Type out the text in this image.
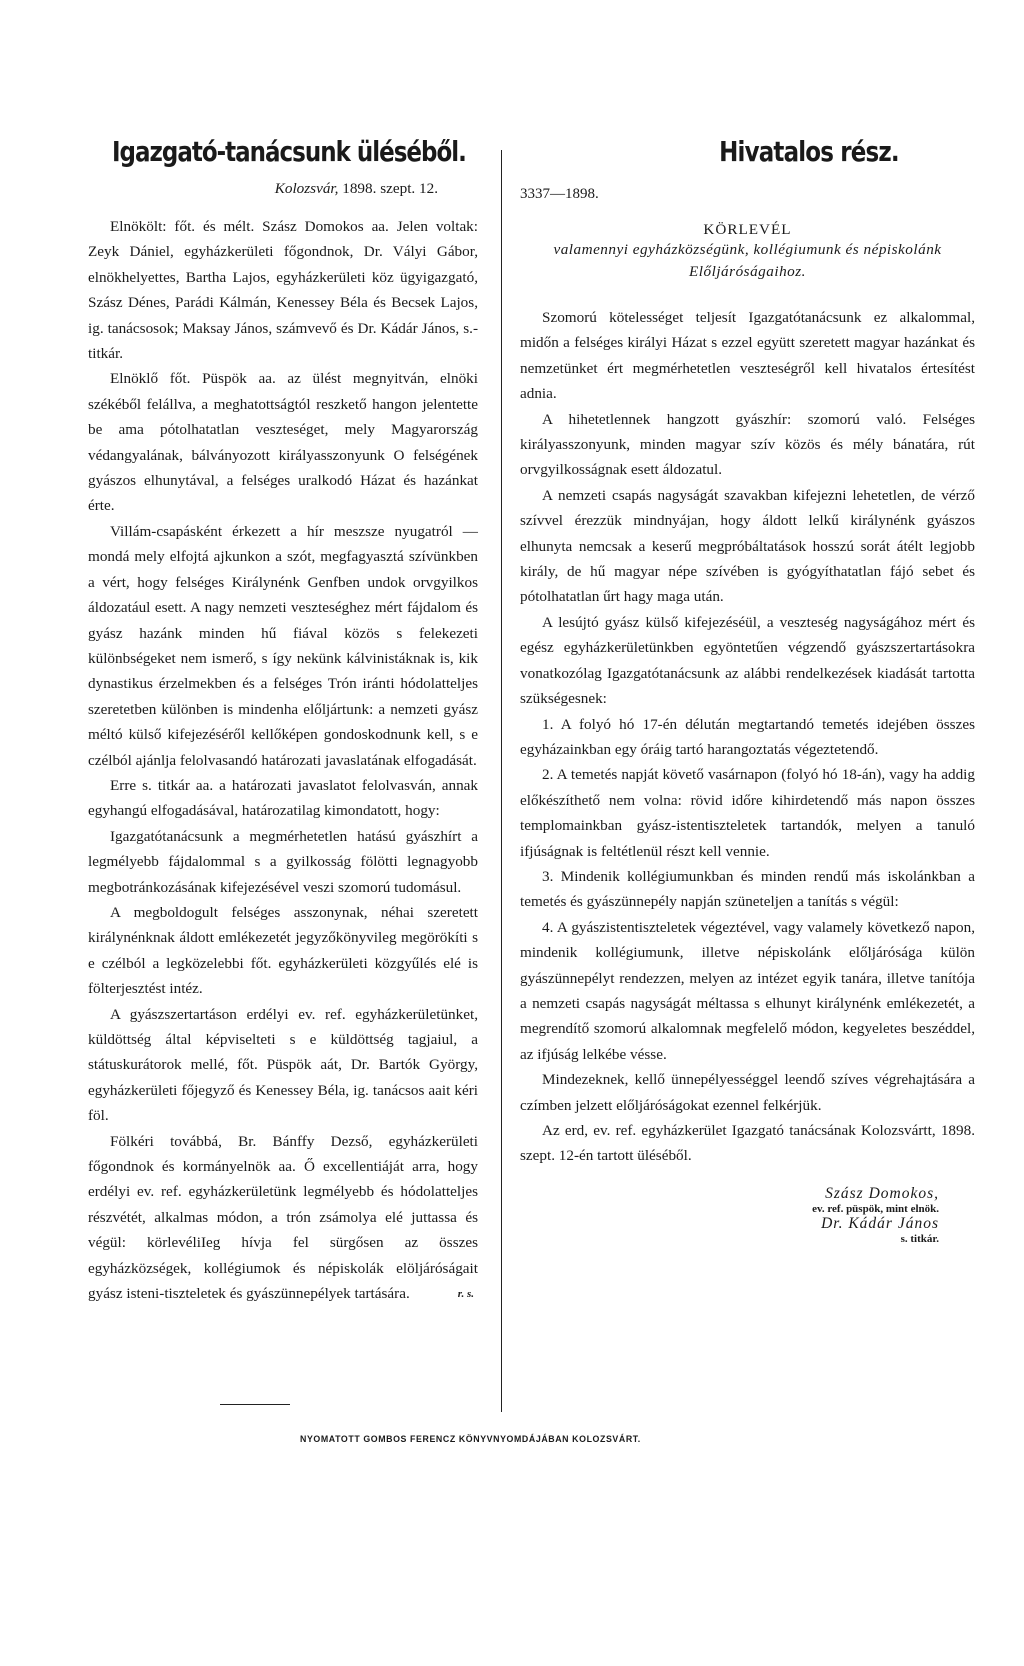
Igazgató-tanácsunk üléséből.
Kolozsvár, 1898. szept. 12.

Elnökölt: főt. és mélt. Szász Domokos aa. Jelen voltak: Zeyk Dániel, egyházkerületi főgondnok, Dr. Vályi Gábor, elnökhelyettes, Bartha Lajos, egyházkerületi köz ügyigazgató, Szász Dénes, Parádi Kálmán, Kenessey Béla és Becsek Lajos, ig. tanácsosok; Maksay János, számvevő és Dr. Kádár János, s.-titkár.

Elnöklő főt. Püspök aa. az ülést megnyitván, elnöki székéből felállva, a meghatottságtól reszkető hangon jelentette be ama pótolhatatlan veszteséget, mely Magyarország védangyalának, bálványozott királyasszonyunk O felségének gyászos elhunytával, a felséges uralkodó Házat és hazánkat érte.

Villám-csapásként érkezett a hír meszsze nyugatról — mondá mely elfojtá ajkunkon a szót, megfagyasztá szívünkben a vért, hogy felséges Királynénk Genfben undok orvgyilkos áldozatául esett. A nagy nemzeti veszteséghez mért fájdalom és gyász hazánk minden hű fiával közös s felekezeti különbségeket nem ismerő, s így nekünk kálvinistáknak is, kik dynastikus érzelmekben és a felséges Trón iránti hódolatteljes szeretetben különben is mindenha előljártunk: a nemzeti gyász méltó külső kifejezéséről kellőképen gondoskodnunk kell, s e czélból ajánlja felolvasandó határozati javaslatának elfogadását.

Erre s. titkár aa. a határozati javaslatot felolvasván, annak egyhangú elfogadásával, határozatilag kimondatott, hogy:

Igazgatótanácsunk a megmérhetetlen hatású gyászhírt a legmélyebb fájdalommal s a gyilkosság fölötti legnagyobb megbotránkozásának kifejezésével veszi szomorú tudomásul.

A megboldogult felséges asszonynak, néhai szeretett királynénknak áldott emlékezetét jegyzőkönyvileg megörökíti s e czélból a legközelebbi főt. egyházkerületi közgyűlés elé is fölterjesztést intéz.

A gyászszertartáson erdélyi ev. ref. egyházkerületünket, küldöttség által képviselteti s e küldöttség tagjaiul, a státuskurátorok mellé, főt. Püspök aát, Dr. Bartók György, egyházkerületi főjegyző és Kenessey Béla, ig. tanácsos aait kéri föl.

Fölkéri továbbá, Br. Bánffy Dezső, egyházkerületi főgondnok és kormányelnök aa. Ő excellentiáját arra, hogy erdélyi ev. ref. egyházkerületünk legmélyebb és hódolatteljes részvétét, alkalmas módon, a trón zsámolya elé juttassa és végül: körlevéliIeg hívja fel sürgősen az összes egyházközségek, kollégiumok és népiskolák elöljáróságait gyász isteni-tiszteletek és gyászünnepélyek tartására.	r. s.
Hivatalos rész.
3337—1898.

KÖRLEVÉL

valamennyi egyházközségünk, kollégiumunk és népiskolánk Előljáróságaihoz.

Szomorú kötelességet teljesít Igazgatótanácsunk ez alkalommal, midőn a felséges királyi Házat s ezzel együtt szeretett magyar hazánkat és nemzetünket ért megmérhetetlen veszteségről kell hivatalos értesítést adnia.

A hihetetlennek hangzott gyászhír: szomorú való. Felséges királyasszonyunk, minden magyar szív közös és mély bánatára, rút orvgyilkosságnak esett áldozatul.

A nemzeti csapás nagyságát szavakban kifejezni lehetetlen, de vérző szívvel érezzük mindnyájan, hogy áldott lelkű királynénk gyászos elhunyta nemcsak a keserű megpróbáltatások hosszú sorát átélt legjobb király, de hű magyar népe szívében is gyógyíthatatlan fájó sebet és pótolhatatlan űrt hagy maga után.

A lesújtó gyász külső kifejezéséül, a veszteség nagyságához mért és egész egyházkerületünkben egyöntetűen végzendő gyászszertartásokra vonatkozólag Igazgatótanácsunk az alábbi rendelkezések kiadását tartotta szükségesnek:

1. A folyó hó 17-én délután megtartandó temetés idejében összes egyházainkban egy óráig tartó harangoztatás végeztetendő.

2. A temetés napját követő vasárnapon (folyó hó 18-án), vagy ha addig előkészíthető nem volna: rövid időre kihirdetendő más napon összes templomainkban gyász-istentiszteletek tartandók, melyen a tanuló ifjúságnak is feltétlenül részt kell vennie.

3. Mindenik kollégiumunkban és minden rendű más iskolánkban a temetés és gyászünnepély napján szüneteljen a tanítás s végül:

4. A gyászistentiszteletek végeztével, vagy valamely következő napon, mindenik kollégiumunk, illetve népiskolánk előljárósága külön gyászünnepélyt rendezzen, melyen az intézet egyik tanára, illetve tanítója a nemzeti csapás nagyságát méltassa s elhunyt királynénk emlékezetét, a megrendítő szomorú alkalomnak megfelelő módon, kegyeletes beszéddel, az ifjúság lelkébe vésse.

Mindezeknek, kellő ünnepélyességgel leendő szíves végrehajtására a czímben jelzett előljáróságokat ezennel felkérjük.

Az erd, ev. ref. egyházkerület Igazgató tanácsának Kolozsvártt, 1898. szept. 12-én tartott üléséből.

Szász Domokos,
ev. ref. püspök, mint elnök.
Dr. Kádár János
s. titkár.
NYOMATOTT GOMBOS FERENCZ KÖNYVNYOMDÁJÁBAN KOLOZSVÁRT.
